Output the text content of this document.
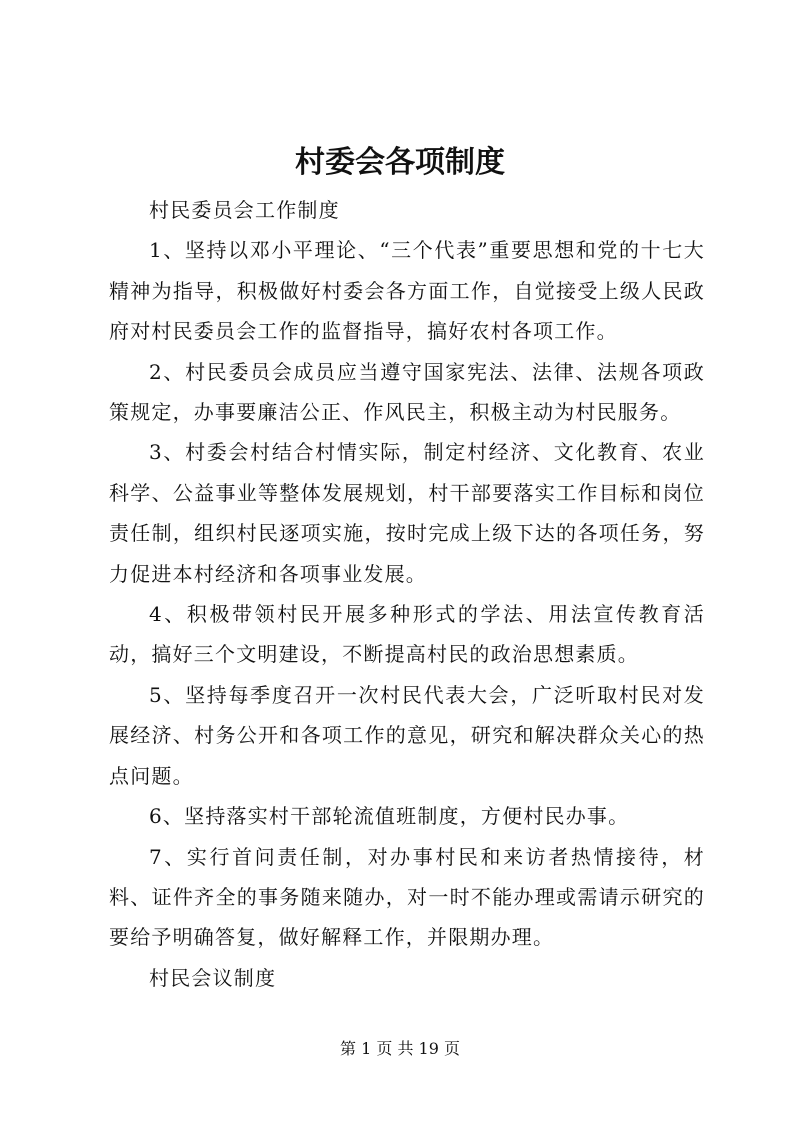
村委会各项制度

村民委员会工作制度

1、坚持以邓小平理论、“三个代表”重要思想和党的十七大精神为指导，积极做好村委会各方面工作，自觉接受上级人民政府对村民委员会工作的监督指导，搞好农村各项工作。

2、村民委员会成员应当遵守国家宪法、法律、法规各项政策规定，办事要廉洁公正、作风民主，积极主动为村民服务。

3、村委会村结合村情实际，制定村经济、文化教育、农业科学、公益事业等整体发展规划，村干部要落实工作目标和岗位责任制，组织村民逐项实施，按时完成上级下达的各项任务，努力促进本村经济和各项事业发展。

4、积极带领村民开展多种形式的学法、用法宣传教育活动，搞好三个文明建设，不断提高村民的政治思想素质。

5、坚持每季度召开一次村民代表大会，广泛听取村民对发展经济、村务公开和各项工作的意见，研究和解决群众关心的热点问题。

6、坚持落实村干部轮流值班制度，方便村民办事。

7、实行首问责任制，对办事村民和来访者热情接待，材料、证件齐全的事务随来随办，对一时不能办理或需请示研究的要给予明确答复，做好解释工作，并限期办理。

村民会议制度

第 1 页 共 19 页
